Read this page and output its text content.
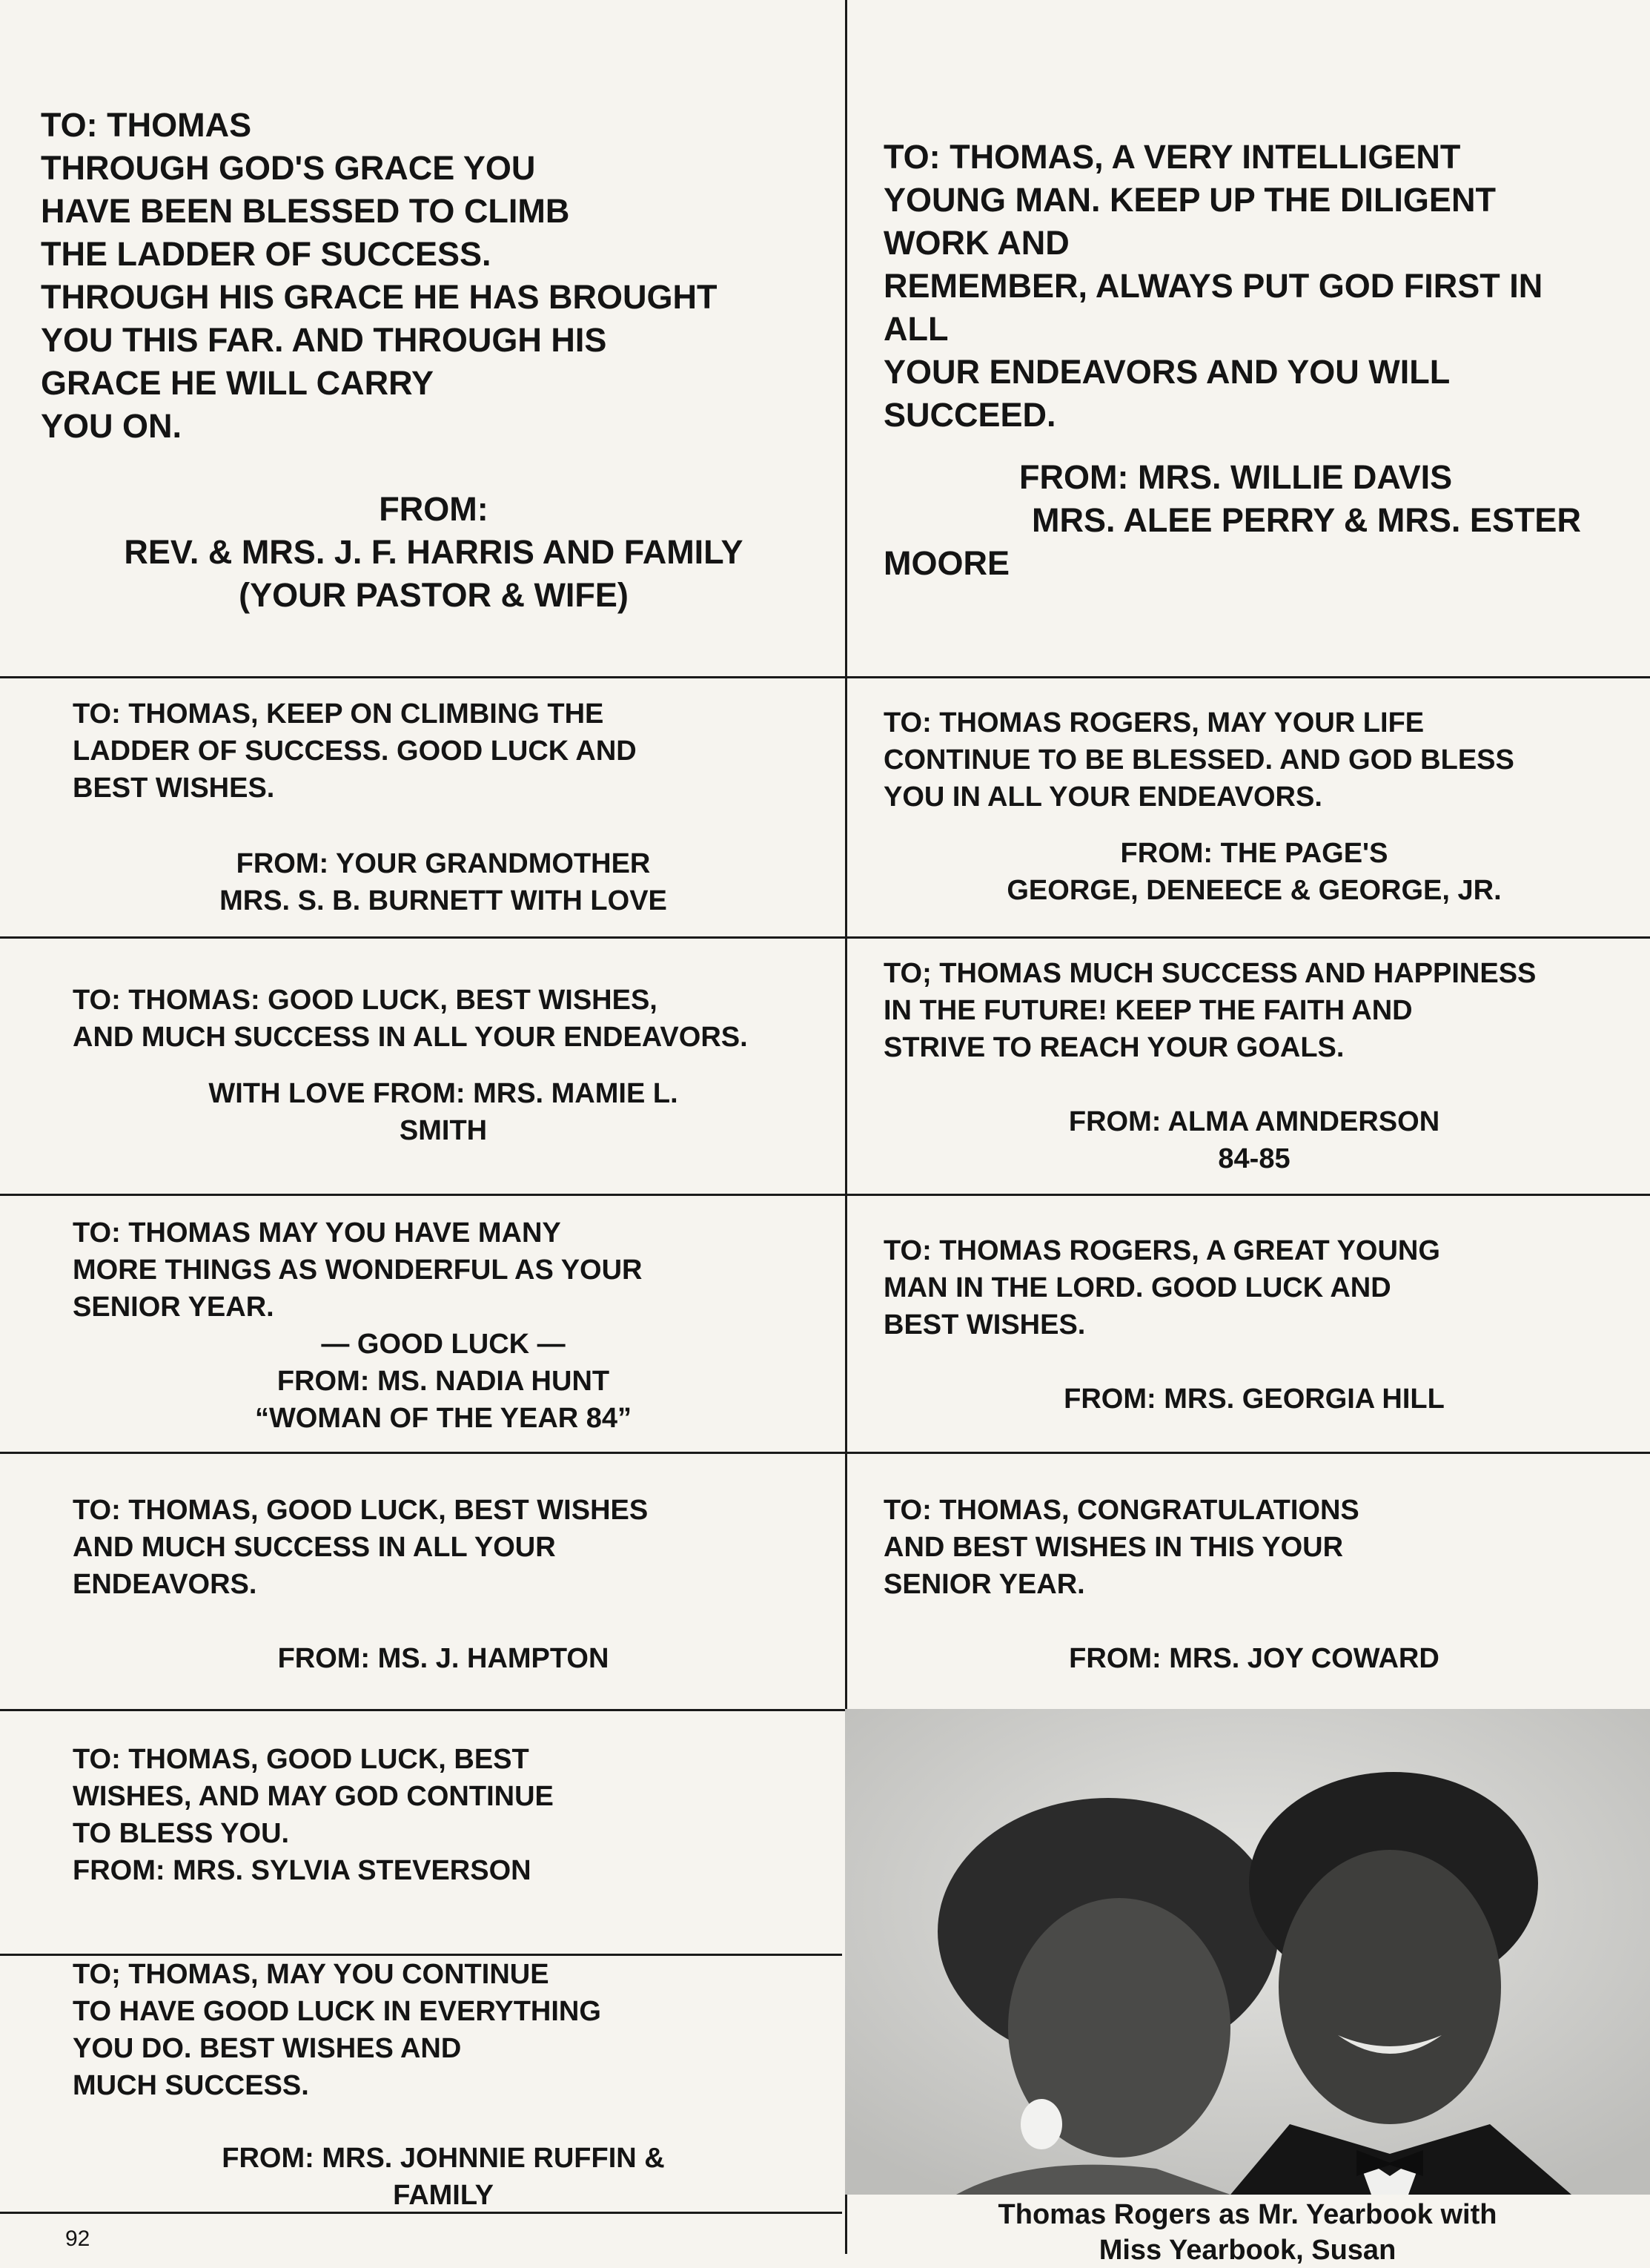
TO: THOMAS
THROUGH GOD'S GRACE YOU
HAVE BEEN BLESSED TO CLIMB
THE LADDER OF SUCCESS.
THROUGH HIS GRACE HE HAS BROUGHT
YOU THIS FAR. AND THROUGH HIS
GRACE HE WILL CARRY
YOU ON.
FROM:
REV. & MRS. J. F. HARRIS AND FAMILY
(YOUR PASTOR & WIFE)
TO: THOMAS, A VERY INTELLIGENT
YOUNG MAN. KEEP UP THE DILIGENT
WORK AND
REMEMBER, ALWAYS PUT GOD FIRST IN
ALL
YOUR ENDEAVORS AND YOU WILL
SUCCEED.
FROM: MRS. WILLIE DAVIS
MRS. ALEE PERRY & MRS. ESTER
MOORE
TO: THOMAS, KEEP ON CLIMBING THE
LADDER OF SUCCESS. GOOD LUCK AND
BEST WISHES.
FROM: YOUR GRANDMOTHER
MRS. S. B. BURNETT WITH LOVE
TO: THOMAS ROGERS, MAY YOUR LIFE
CONTINUE TO BE BLESSED. AND GOD BLESS
YOU IN ALL YOUR ENDEAVORS.
FROM: THE PAGE'S
GEORGE, DENEECE & GEORGE, JR.
TO: THOMAS: GOOD LUCK, BEST WISHES,
AND MUCH SUCCESS IN ALL YOUR ENDEAVORS.
WITH LOVE FROM: MRS. MAMIE L.
SMITH
TO; THOMAS MUCH SUCCESS AND HAPPINESS
IN THE FUTURE! KEEP THE FAITH AND
STRIVE TO REACH YOUR GOALS.
FROM: ALMA AMNDERSON
84-85
TO: THOMAS MAY YOU HAVE MANY
MORE THINGS AS WONDERFUL AS YOUR
SENIOR YEAR.
— GOOD LUCK —
FROM: MS. NADIA HUNT
“WOMAN OF THE YEAR 84”
TO: THOMAS ROGERS, A GREAT YOUNG
MAN IN THE LORD. GOOD LUCK AND
BEST WISHES.
FROM: MRS. GEORGIA HILL
TO: THOMAS, GOOD LUCK, BEST WISHES
AND MUCH SUCCESS IN ALL YOUR
ENDEAVORS.
FROM: MS. J. HAMPTON
TO: THOMAS, CONGRATULATIONS
AND BEST WISHES IN THIS YOUR
SENIOR YEAR.
FROM: MRS. JOY COWARD
TO: THOMAS, GOOD LUCK, BEST
WISHES, AND MAY GOD CONTINUE
TO BLESS YOU.
FROM: MRS. SYLVIA STEVERSON
TO; THOMAS, MAY YOU CONTINUE
TO HAVE GOOD LUCK IN EVERYTHING
YOU DO. BEST WISHES AND
MUCH SUCCESS.
FROM: MRS. JOHNNIE RUFFIN &
FAMILY
Thomas Rogers as Mr. Yearbook with
Miss Yearbook, Susan
92
